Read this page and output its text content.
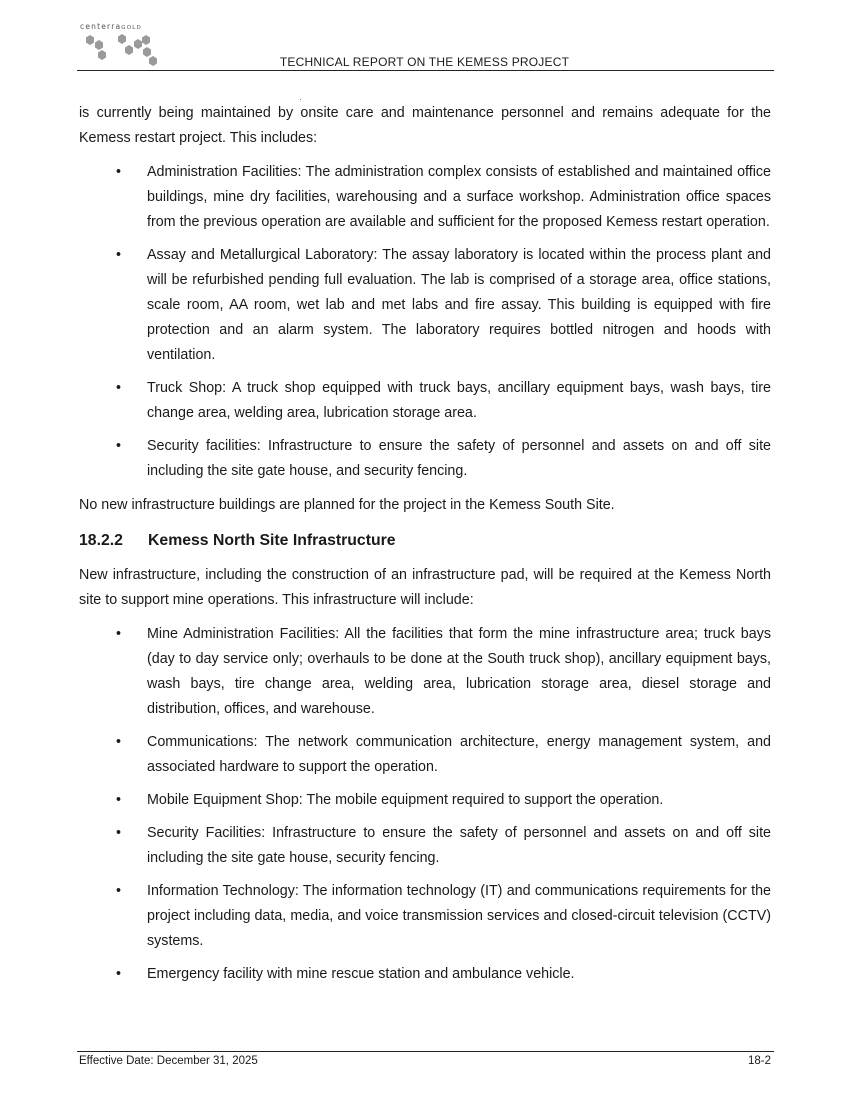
centerraGOLD
TECHNICAL REPORT ON THE KEMESS PROJECT

is currently being maintained by onsite care and maintenance personnel and remains adequate for the Kemess restart project. This includes:

• Administration Facilities: The administration complex consists of established and maintained office buildings, mine dry facilities, warehousing and a surface workshop. Administration office spaces from the previous operation are available and sufficient for the proposed Kemess restart operation.
• Assay and Metallurgical Laboratory: The assay laboratory is located within the process plant and will be refurbished pending full evaluation. The lab is comprised of a storage area, office stations, scale room, AA room, wet lab and met labs and fire assay. This building is equipped with fire protection and an alarm system. The laboratory requires bottled nitrogen and hoods with ventilation.
• Truck Shop: A truck shop equipped with truck bays, ancillary equipment bays, wash bays, tire change area, welding area, lubrication storage area.
• Security facilities: Infrastructure to ensure the safety of personnel and assets on and off site including the site gate house, and security fencing.

No new infrastructure buildings are planned for the project in the Kemess South Site.

18.2.2 Kemess North Site Infrastructure

New infrastructure, including the construction of an infrastructure pad, will be required at the Kemess North site to support mine operations. This infrastructure will include:

• Mine Administration Facilities: All the facilities that form the mine infrastructure area; truck bays (day to day service only; overhauls to be done at the South truck shop), ancillary equipment bays, wash bays, tire change area, welding area, lubrication storage area, diesel storage and distribution, offices, and warehouse.
• Communications: The network communication architecture, energy management system, and associated hardware to support the operation.
• Mobile Equipment Shop: The mobile equipment required to support the operation.
• Security Facilities: Infrastructure to ensure the safety of personnel and assets on and off site including the site gate house, security fencing.
• Information Technology: The information technology (IT) and communications requirements for the project including data, media, and voice transmission services and closed-circuit television (CCTV) systems.
• Emergency facility with mine rescue station and ambulance vehicle.
Effective Date: December 31, 2025	18-2
